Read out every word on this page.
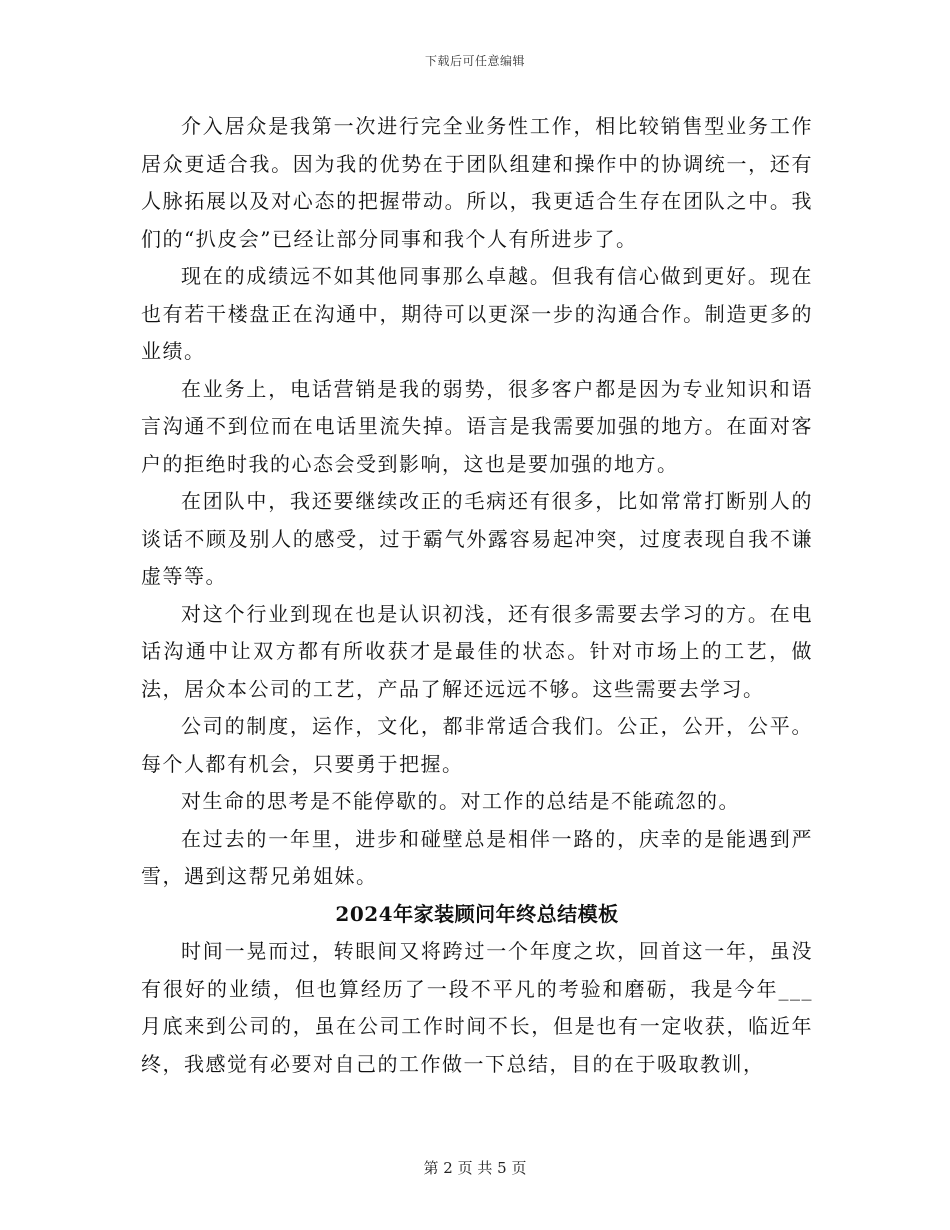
下载后可任意编辑

介入居众是我第一次进行完全业务性工作，相比较销售型业务工作居众更适合我。因为我的优势在于团队组建和操作中的协调统一，还有人脉拓展以及对心态的把握带动。所以，我更适合生存在团队之中。我们的“扒皮会”已经让部分同事和我个人有所进步了。

现在的成绩远不如其他同事那么卓越。但我有信心做到更好。现在也有若干楼盘正在沟通中，期待可以更深一步的沟通合作。制造更多的业绩。

在业务上，电话营销是我的弱势，很多客户都是因为专业知识和语言沟通不到位而在电话里流失掉。语言是我需要加强的地方。在面对客户的拒绝时我的心态会受到影响，这也是要加强的地方。

在团队中，我还要继续改正的毛病还有很多，比如常常打断别人的谈话不顾及别人的感受，过于霸气外露容易起冲突，过度表现自我不谦虚等等。

对这个行业到现在也是认识初浅，还有很多需要去学习的方。在电话沟通中让双方都有所收获才是最佳的状态。针对市场上的工艺，做法，居众本公司的工艺，产品了解还远远不够。这些需要去学习。

公司的制度，运作，文化，都非常适合我们。公正，公开，公平。每个人都有机会，只要勇于把握。

对生命的思考是不能停歇的。对工作的总结是不能疏忽的。

在过去的一年里，进步和碰壁总是相伴一路的，庆幸的是能遇到严雪，遇到这帮兄弟姐妹。

2024年家装顾问年终总结模板

时间一晃而过，转眼间又将跨过一个年度之坎，回首这一年，虽没有很好的业绩，但也算经历了一段不平凡的考验和磨砺，我是今年___月底来到公司的，虽在公司工作时间不长，但是也有一定收获，临近年终，我感觉有必要对自己的工作做一下总结，目的在于吸取教训，

第 2 页 共 5 页
